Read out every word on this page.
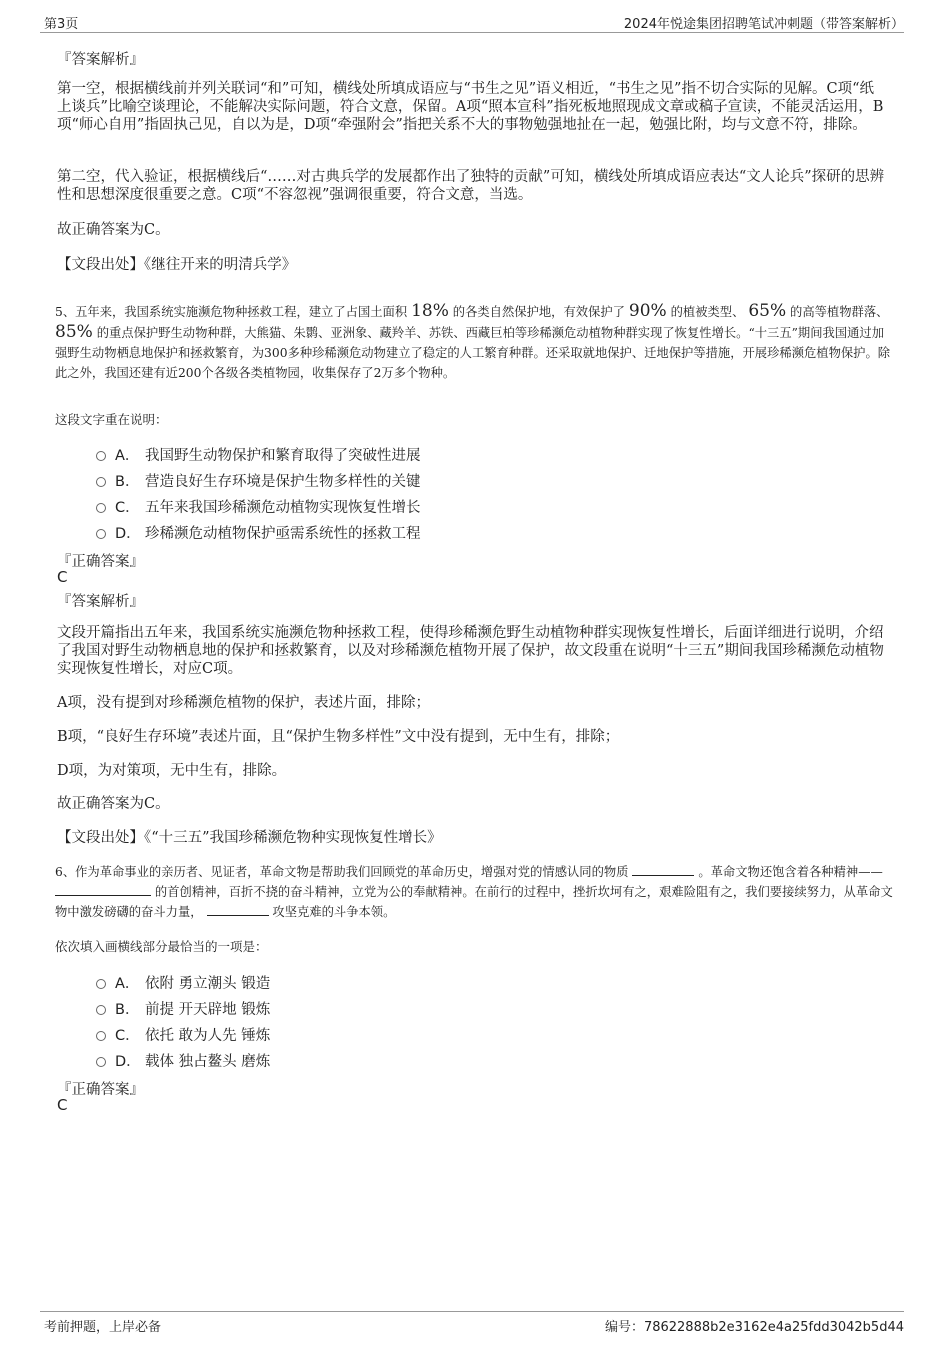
第3页	2024年悦途集团招聘笔试冲刺题（带答案解析）
『答案解析』
第一空，根据横线前并列关联词“和”可知，横线处所填成语应与“书生之见”语义相近，“书生之见”指不切合实际的见解。C项“纸上谈兵”比喻空谈理论，不能解决实际问题，符合文意，保留。A项“照本宣科”指死板地照现成文章或稿子宣读，不能灵活运用，B项“师心自用”指固执己见，自以为是，D项“牵强附会”指把关系不大的事物勉强地扯在一起，勉强比附，均与文意不符，排除。
第二空，代入验证，根据横线后“……对古典兵学的发展都作出了独特的贡献”可知，横线处所填成语应表达“文人论兵”探研的思辨性和思想深度很重要之意。C项“不容忽视”强调很重要，符合文意，当选。
故正确答案为C。
【文段出处】《继往开来的明清兵学》
5、五年来，我国系统实施濒危物种拯救工程，建立了占国土面积 18% 的各类自然保护地，有效保护了 90% 的植被类型、 65% 的高等植物群落、 85% 的重点保护野生动物种群，大熊猫、朱鹮、亚洲象、藏羚羊、苏铁、西藏巨柏等珍稀濒危动植物种群实现了恢复性增长。“十三五”期间我国通过加强野生动物栖息地保护和拯救繁育，为300多种珍稀濒危动物建立了稳定的人工繁育种群。还采取就地保护、迁地保护等措施，开展珍稀濒危植物保护。除此之外，我国还建有近200个各级各类植物园，收集保存了2万多个物种。
这段文字重在说明：
A． 我国野生动物保护和繁育取得了突破性进展
B． 营造良好生存环境是保护生物多样性的关键
C． 五年来我国珍稀濒危动植物实现恢复性增长
D． 珍稀濒危动植物保护亟需系统性的拯救工程
『正确答案』
C
『答案解析』
文段开篇指出五年来，我国系统实施濒危物种拯救工程，使得珍稀濒危野生动植物种群实现恢复性增长，后面详细进行说明，介绍了我国对野生动物栖息地的保护和拯救繁育，以及对珍稀濒危植物开展了保护，故文段重在说明“十三五”期间我国珍稀濒危动植物实现恢复性增长，对应C项。
A项，没有提到对珍稀濒危植物的保护，表述片面，排除；
B项，“良好生存环境”表述片面，且“保护生物多样性”文中没有提到，无中生有，排除；
D项，为对策项，无中生有，排除。
故正确答案为C。
【文段出处】《“十三五”我国珍稀濒危物种实现恢复性增长》
6、作为革命事业的亲历者、见证者，革命文物是帮助我们回顾党的革命历史，增强对党的情感认同的物质	。革命文物还饱含着各种精神——  的首创精神，百折不挠的奋斗精神，立党为公的奉献精神。在前行的过程中，挫折坎坷有之，艰难险阻有之，我们要接续努力，从革命文物中激发磅礴的奋斗力量，	攻坚克难的斗争本领。
依次填入画横线部分最恰当的一项是：
A． 依附 勇立潮头 锻造
B． 前提 开天辟地 锻炼
C． 依托 敢为人先 锤炼
D． 载体 独占鳌头 磨炼
『正确答案』
C
考前押题，上岸必备	编号：78622888b2e3162e4a25fdd3042b5d44
